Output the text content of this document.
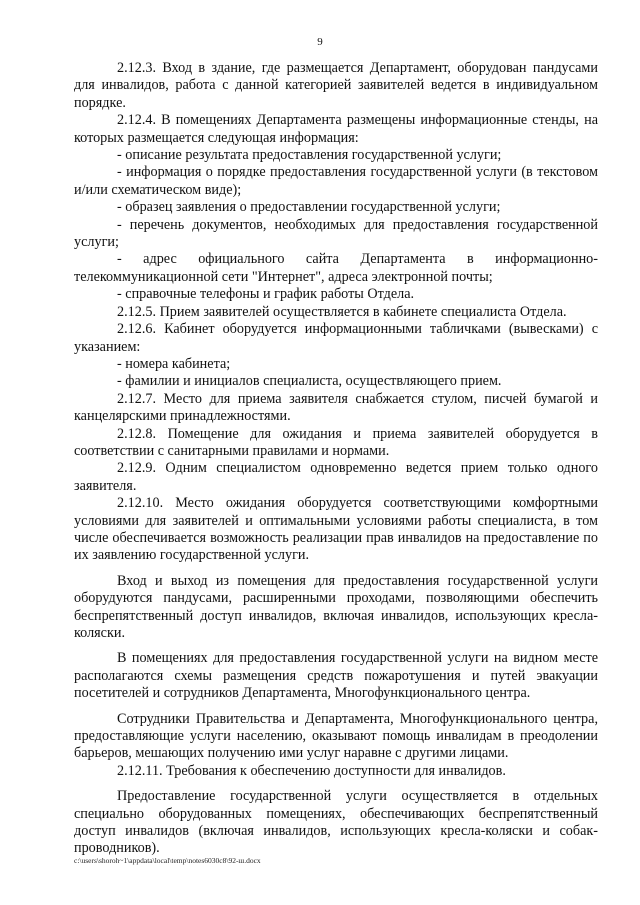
9

2.12.3. Вход в здание, где размещается Департамент, оборудован пандусами для инвалидов, работа с данной категорией заявителей ведется в индивидуальном порядке.

2.12.4. В помещениях Департамента размещены информационные стенды, на которых размещается следующая информация:

- описание результата предоставления государственной услуги;

- информация о порядке предоставления государственной услуги (в текстовом и/или схематическом виде);

- образец заявления о предоставлении государственной услуги;

- перечень документов, необходимых для предоставления государственной услуги;

- адрес официального сайта Департамента в информационно-телекоммуникационной сети "Интернет", адреса электронной почты;

- справочные телефоны и график работы Отдела.

2.12.5. Прием заявителей осуществляется в кабинете специалиста Отдела.

2.12.6. Кабинет оборудуется информационными табличками (вывесками) с указанием:

- номера кабинета;

- фамилии и инициалов специалиста, осуществляющего прием.

2.12.7. Место для приема заявителя снабжается стулом, писчей бумагой и канцелярскими принадлежностями.

2.12.8. Помещение для ожидания и приема заявителей оборудуется в соответствии с санитарными правилами и нормами.

2.12.9. Одним специалистом одновременно ведется прием только одного заявителя.

2.12.10. Место ожидания оборудуется соответствующими комфортными условиями для заявителей и оптимальными условиями работы специалиста, в том числе обеспечивается возможность реализации прав инвалидов на предоставление по их заявлению государственной услуги.

Вход и выход из помещения для предоставления государственной услуги оборудуются пандусами, расширенными проходами, позволяющими обеспечить беспрепятственный доступ инвалидов, включая инвалидов, использующих кресла-коляски.

В помещениях для предоставления государственной услуги на видном месте располагаются схемы размещения средств пожаротушения и путей эвакуации посетителей и сотрудников Департамента, Многофункционального центра.

Сотрудники Правительства и Департамента, Многофункционального центра, предоставляющие услуги населению, оказывают помощь инвалидам в преодолении барьеров, мешающих получению ими услуг наравне с другими лицами.

2.12.11. Требования к обеспечению доступности для инвалидов.

Предоставление государственной услуги осуществляется в отдельных специально оборудованных помещениях, обеспечивающих беспрепятственный доступ инвалидов (включая инвалидов, использующих кресла-коляски и собак-проводников).

c:\users\shoroh~1\appdata\local\temp\notes6030c8\92-ш.docx
